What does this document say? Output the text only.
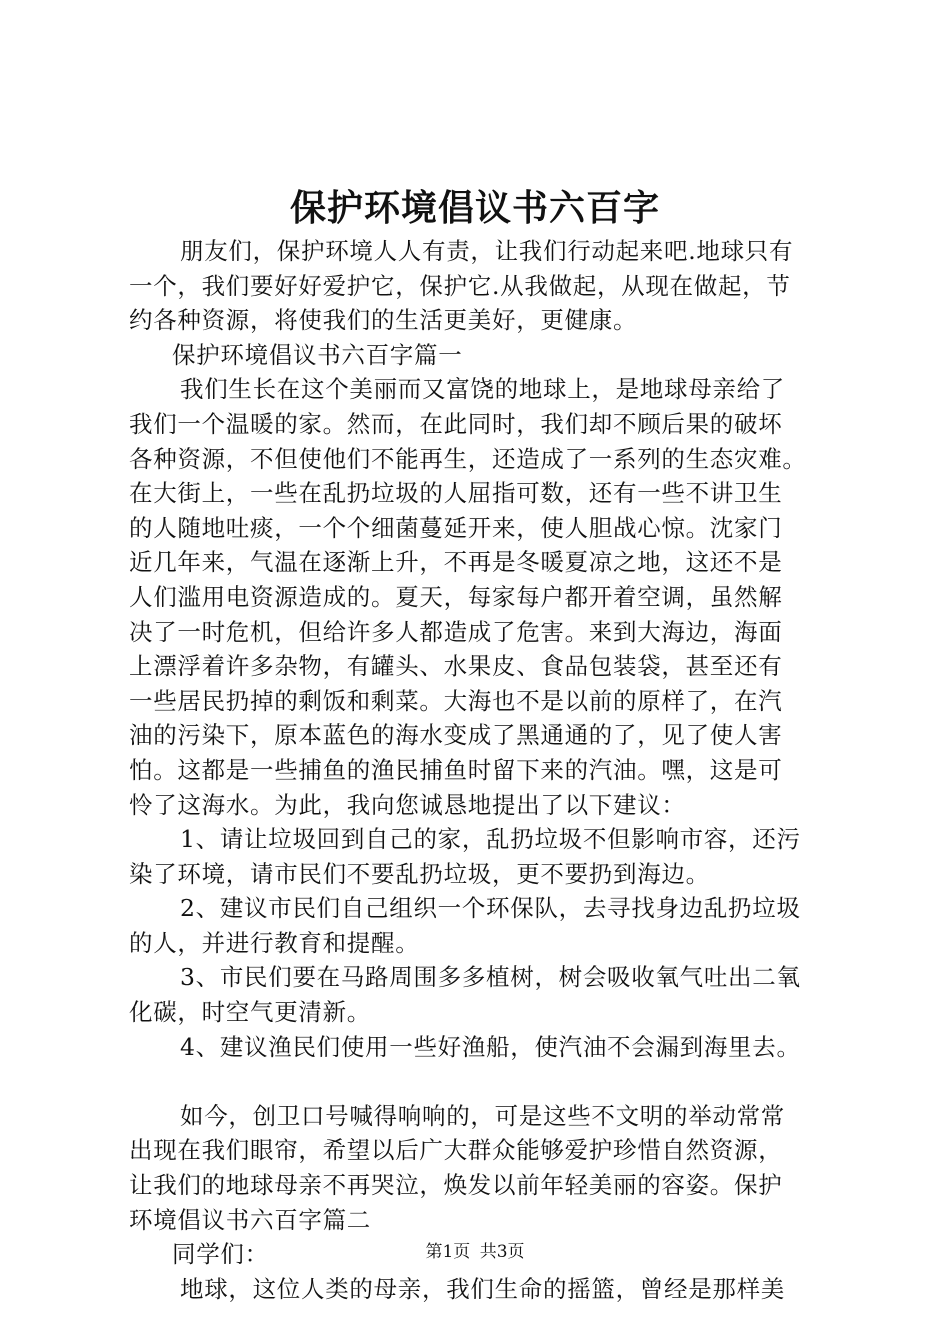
保护环境倡议书六百字
朋友们，保护环境人人有责，让我们行动起来吧.地球只有
一个，我们要好好爱护它，保护它.从我做起，从现在做起，节
约各种资源，将使我们的生活更美好，更健康。
保护环境倡议书六百字篇一
我们生长在这个美丽而又富饶的地球上，是地球母亲给了
我们一个温暖的家。然而，在此同时，我们却不顾后果的破坏
各种资源，不但使他们不能再生，还造成了一系列的生态灾难。
在大街上，一些在乱扔垃圾的人屈指可数，还有一些不讲卫生
的人随地吐痰，一个个细菌蔓延开来，使人胆战心惊。沈家门
近几年来，气温在逐渐上升，不再是冬暖夏凉之地，这还不是
人们滥用电资源造成的。夏天，每家每户都开着空调，虽然解
决了一时危机，但给许多人都造成了危害。来到大海边，海面
上漂浮着许多杂物，有罐头、水果皮、食品包装袋，甚至还有
一些居民扔掉的剩饭和剩菜。大海也不是以前的原样了，在汽
油的污染下，原本蓝色的海水变成了黑通通的了，见了使人害
怕。这都是一些捕鱼的渔民捕鱼时留下来的汽油。嘿，这是可
怜了这海水。为此，我向您诚恳地提出了以下建议：
1、请让垃圾回到自己的家，乱扔垃圾不但影响市容，还污
染了环境，请市民们不要乱扔垃圾，更不要扔到海边。
2、建议市民们自己组织一个环保队，去寻找身边乱扔垃圾
的人，并进行教育和提醒。
3、市民们要在马路周围多多植树，树会吸收氧气吐出二氧
化碳，时空气更清新。
4、建议渔民们使用一些好渔船，使汽油不会漏到海里去。
如今，创卫口号喊得响响的，可是这些不文明的举动常常
出现在我们眼帘，希望以后广大群众能够爱护珍惜自然资源，
让我们的地球母亲不再哭泣，焕发以前年轻美丽的容姿。保护
环境倡议书六百字篇二
同学们：
地球，这位人类的母亲，我们生命的摇篮，曾经是那样美
第1页 共3页
